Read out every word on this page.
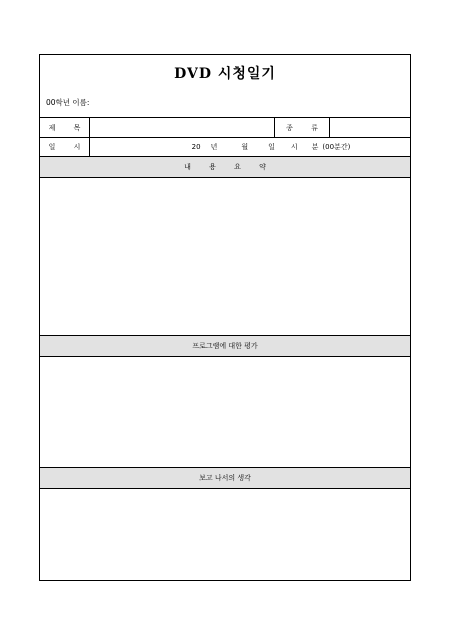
DVD 시청일기
00학년 이름:
제 목	종 류
일 시	20 년	월	일 시 분 (00분간)
내 용 요 약
프로그램에 대한 평가
보고 나서의 생각
